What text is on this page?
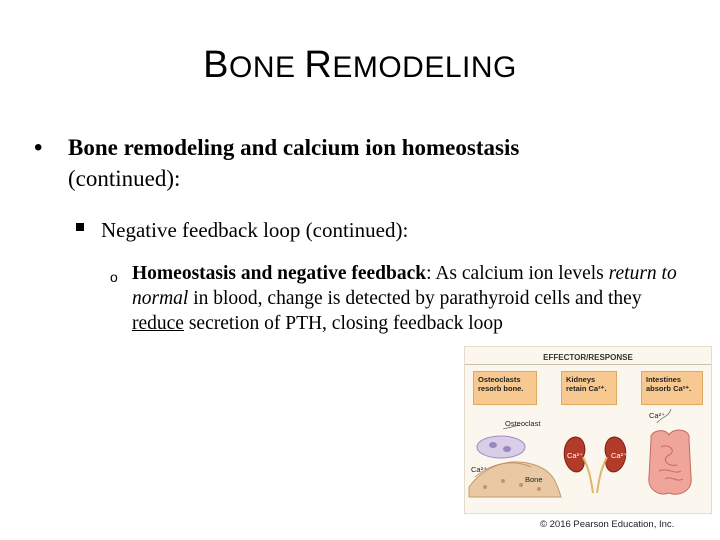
BONE REMODELING
• Bone remodeling and calcium ion homeostasis
(continued):
Negative feedback loop (continued):
o Homeostasis and negative feedback: As calcium ion levels return to normal in blood, change is detected by parathyroid cells and they reduce secretion of PTH, closing feedback loop
EFFECTOR/RESPONSE
Osteoclasts resorb bone.
Kidneys retain Ca²⁺.
Intestines absorb Ca²⁺.
Osteoclast
Ca²⁺
Bone
Ca²⁺	Ca²⁺
Ca²⁺
© 2016 Pearson Education, Inc.
